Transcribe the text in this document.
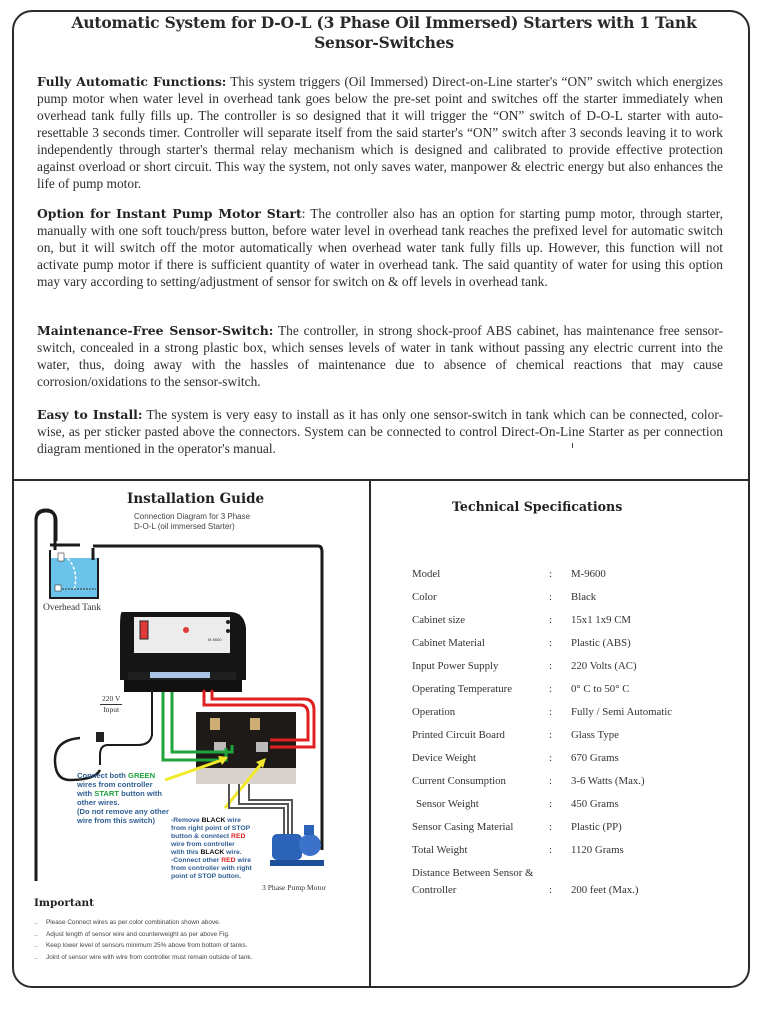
Automatic System for D-O-L (3 Phase Oil Immersed) Starters with 1 Tank Sensor-Switches
Fully Automatic Functions: This system triggers (Oil Immersed) Direct-on-Line starter's “ON” switch which energizes pump motor when water level in overhead tank goes below the pre-set point and switches off the starter immediately when overhead tank fully fills up. The controller is so designed that it will trigger the “ON” switch of D-O-L starter with auto-resettable 3 seconds timer. Controller will separate itself from the said starter's “ON” switch after 3 seconds leaving it to work independently through starter's thermal relay mechanism which is designed and calibrated to provide effective protection against overload or short circuit. This way the system, not only saves water, manpower & electric energy but also enhances the life of pump motor.
Option for Instant Pump Motor Start: The controller also has an option for starting pump motor, through starter, manually with one soft touch/press button, before water level in overhead tank reaches the prefixed level for automatic switch on, but it will switch off the motor automatically when overhead water tank fully fills up. However, this function will not activate pump motor if there is sufficient quantity of water in overhead tank. The said quantity of water for using this option may vary according to setting/adjustment of sensor for switch on & off levels in overhead tank.
Maintenance-Free Sensor-Switch: The controller, in strong shock-proof ABS cabinet, has maintenance free sensor-switch, concealed in a strong plastic box, which senses levels of water in tank without passing any electric current into the water, thus, doing away with the hassles of maintenance due to absence of chemical reactions that may cause corrosion/oxidations to the sensor-switch.
Easy to Install: The system is very easy to install as it has only one sensor-switch in tank which can be connected, color-wise, as per sticker pasted above the connectors. System can be connected to control Direct-On-Line Starter as per connection diagram mentioned in the operator's manual.
M-9600
Installation Guide
Connection Diagram for 3 Phase
D-O-L (oil immersed Starter)
Overhead Tank
220 V
Input
Connect both GREEN
wires from controller
with START button with
other wires.
(Do not remove any other
wire from this switch)	-Remove BLACK wire
from right point of STOP
button & conntect RED
wire from controller
with this BLACK wire.
-Connect other RED wire
from controller with right
point of STOP button.
3 Phase Pump Motor
Important
_ Please Connect wires as per color combination shown above.
_ Adjust length of sensor wire and counterweight as per above Fig.
_ Keep lower level of sensors minimum 25% above from bottom of tanks.
_ Joint of sensor wire with wire from controller must remain outside of tank.
Technical Specifications
Model	: M-9600
Color	: Black
Cabinet size	: 15x1 1x9 CM
Cabinet Material	: Plastic (ABS)
Input Power Supply	: 220 Volts (AC)
Operating Temperature	: 0° C to 50° C
Operation	: Fully / Semi Automatic
Printed Circuit Board	: Glass Type
Device Weight	: 670 Grams
Current Consumption	: 3-6 Watts (Max.)
Sensor Weight	: 450 Grams
Sensor Casing Material	: Plastic (PP)
Total Weight	: 1120 Grams
Distance Between Sensor &
Controller	: 200 feet (Max.)
